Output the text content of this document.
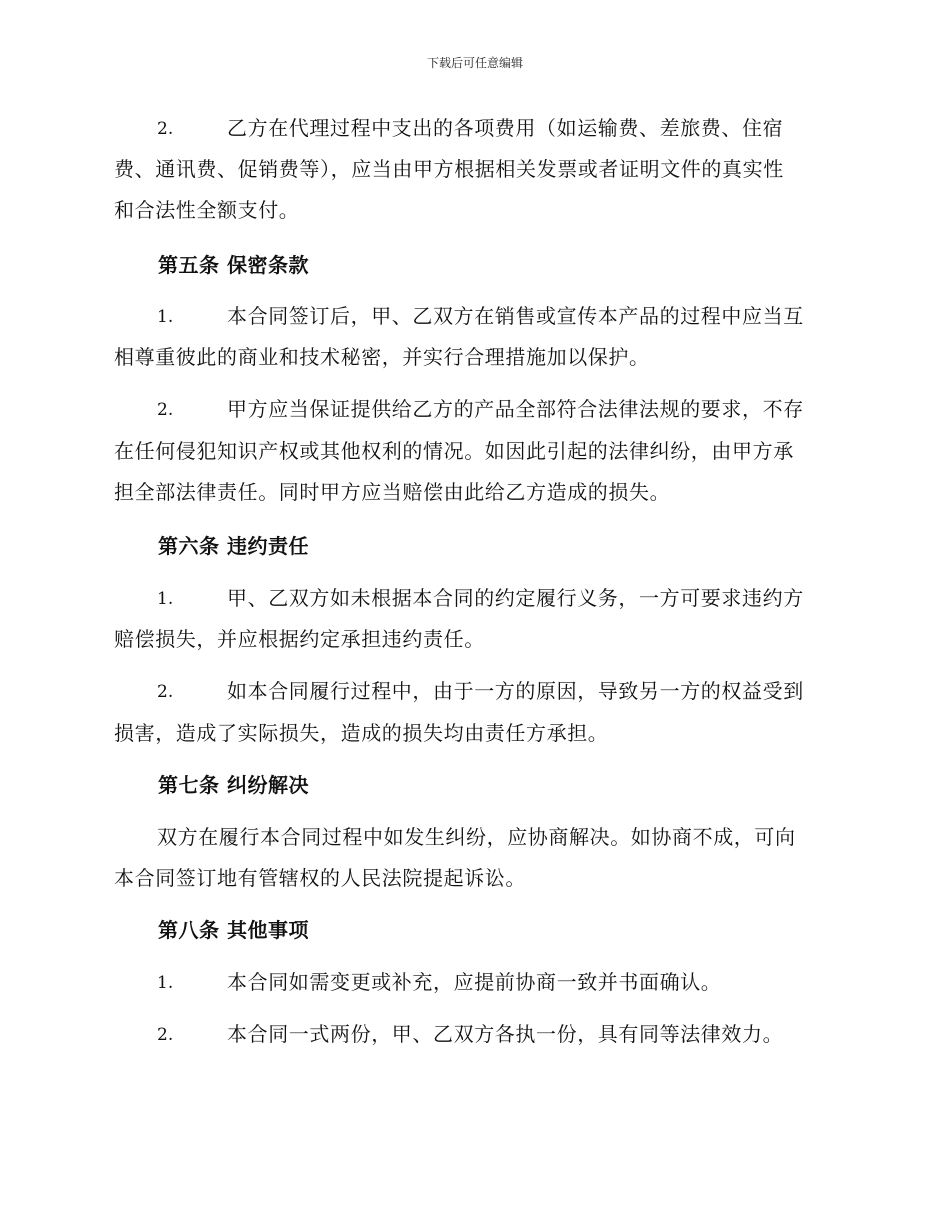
下载后可任意编辑
2.	乙方在代理过程中支出的各项费用（如运输费、差旅费、住宿
费、通讯费、促销费等），应当由甲方根据相关发票或者证明文件的真实性
和合法性全额支付。
第五条 保密条款
1.	本合同签订后，甲、乙双方在销售或宣传本产品的过程中应当互
相尊重彼此的商业和技术秘密，并实行合理措施加以保护。
2.	甲方应当保证提供给乙方的产品全部符合法律法规的要求，不存
在任何侵犯知识产权或其他权利的情况。如因此引起的法律纠纷，由甲方承
担全部法律责任。同时甲方应当赔偿由此给乙方造成的损失。
第六条 违约责任
1.	甲、乙双方如未根据本合同的约定履行义务，一方可要求违约方
赔偿损失，并应根据约定承担违约责任。
2.	如本合同履行过程中，由于一方的原因，导致另一方的权益受到
损害，造成了实际损失，造成的损失均由责任方承担。
第七条 纠纷解决
双方在履行本合同过程中如发生纠纷，应协商解决。如协商不成，可向
本合同签订地有管辖权的人民法院提起诉讼。
第八条 其他事项
1.	本合同如需变更或补充，应提前协商一致并书面确认。
2.	本合同一式两份，甲、乙双方各执一份，具有同等法律效力。
